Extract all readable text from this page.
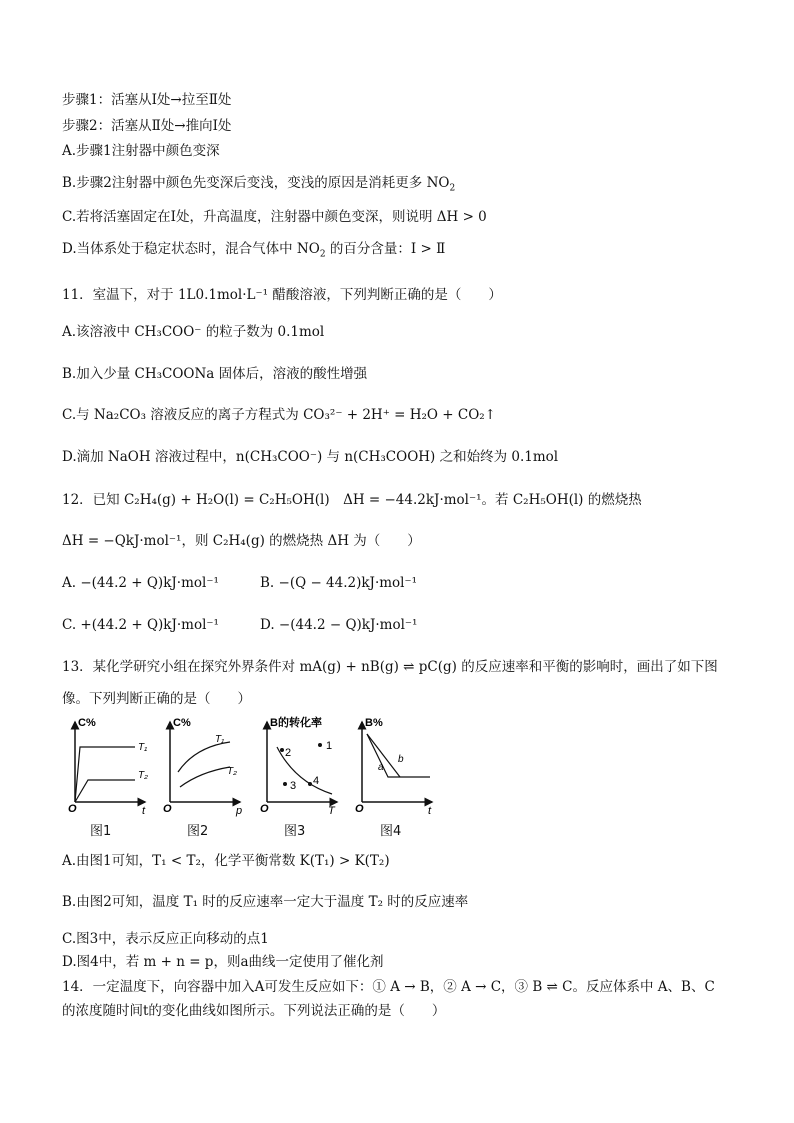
步骤1：活塞从Ⅰ处→拉至Ⅱ处
步骤2：活塞从Ⅱ处→推向Ⅰ处
A.步骤1注射器中颜色变深
B.步骤2注射器中颜色先变深后变浅，变浅的原因是消耗更多 $NO_2$
C.若将活塞固定在Ⅰ处，升高温度，注射器中颜色变深，则说明 ΔH > 0
D.当体系处于稳定状态时，混合气体中 $NO_2$ 的百分含量：Ⅰ > Ⅱ
11．室温下，对于 1L0.1mol·L⁻¹ 醋酸溶液，下列判断正确的是（　　）
A.该溶液中 CH₃COO⁻ 的粒子数为 0.1mol
B.加入少量 CH₃COONa 固体后，溶液的酸性增强
C.与 Na₂CO₃ 溶液反应的离子方程式为 CO₃²⁻ + 2H⁺ = H₂O + CO₂↑
D.滴加 NaOH 溶液过程中，n(CH₃COO⁻) 与 n(CH₃COOH) 之和始终为 0.1mol
12．已知 C₂H₄(g) + H₂O(l) = C₂H₅OH(l)　ΔH = −44.2kJ·mol⁻¹。若 C₂H₅OH(l) 的燃烧热
ΔH = −QkJ·mol⁻¹，则 C₂H₄(g) 的燃烧热 ΔH 为（　　）
A. −(44.2 + Q)kJ·mol⁻¹	B. −(Q − 44.2)kJ·mol⁻¹
C. +(44.2 + Q)kJ·mol⁻¹	D. −(44.2 − Q)kJ·mol⁻¹
13．某化学研究小组在探究外界条件对 mA(g) + nB(g) ⇌ pC(g) 的反应速率和平衡的影响时，画出了如下图
像。下列判断正确的是（　　）
C%
O	t
T₁
T₂
C%
O	p
T₁
T₂
B的转化率
O	T
1
2
3 4
B%
O	t
a
b
图1	图2	图3	图4
A.由图1可知，T₁ < T₂，化学平衡常数 K(T₁) > K(T₂)
B.由图2可知，温度 T₁ 时的反应速率一定大于温度 T₂ 时的反应速率
C.图3中，表示反应正向移动的点1
D.图4中，若 m + n = p，则a曲线一定使用了催化剂
14．一定温度下，向容器中加入A可发生反应如下：① A → B，② A → C，③ B ⇌ C。反应体系中 A、B、C
的浓度随时间t的变化曲线如图所示。下列说法正确的是（　　）
